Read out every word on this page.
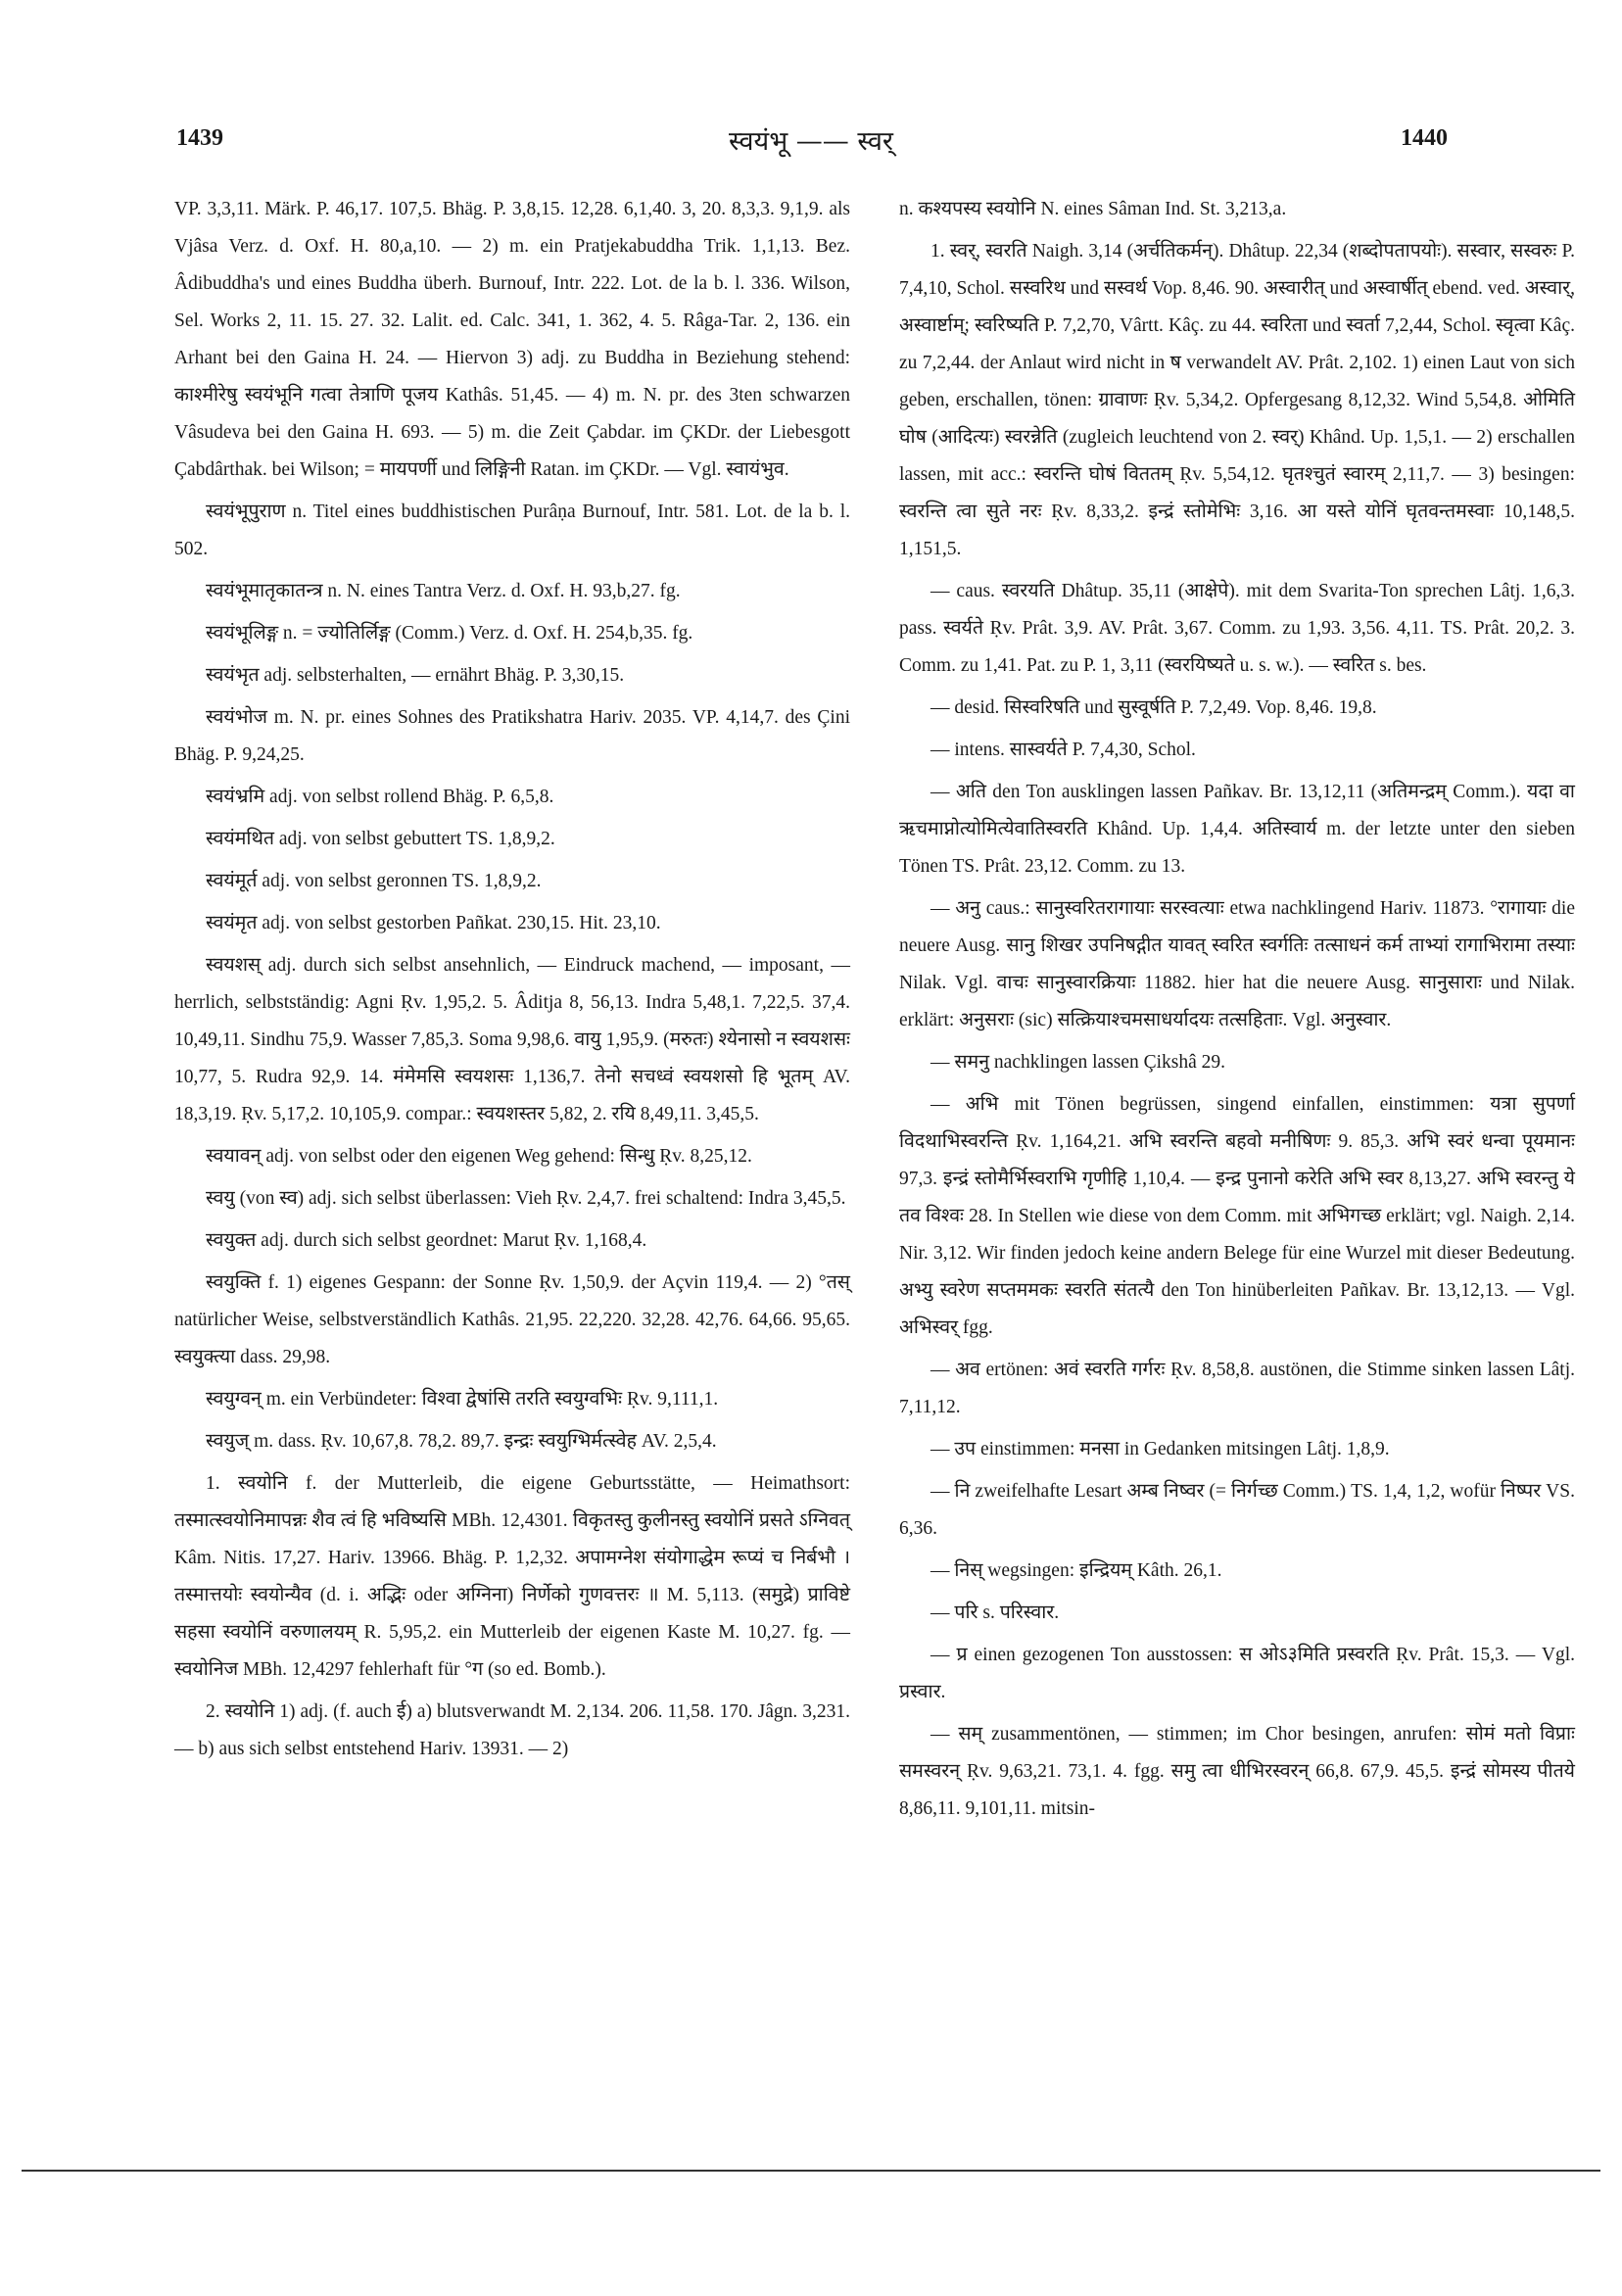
1439	स्वयंभू —— स्वर्	1440

VP. 3,3,11. Märk. P. 46,17. 107,5. Bhäg. P. 3,8,15. 12,28. 6,1,40. 3, 20. 8,3,3. 9,1,9. als Vjâsa Verz. d. Oxf. H. 80,a,10. — 2) m. ein Pratjekabuddha Trik. 1,1,13. Bez. Âdibuddha's und eines Buddha überh. Burnouf, Intr. 222. Lot. de la b. l. 336. Wilson, Sel. Works 2, 11. 15. 27. 32. Lalit. ed. Calc. 341, 1. 362, 4. 5. Râga-Tar. 2, 136. ein Arhant bei den Gaina H. 24. — Hiervon 3) adj. zu Buddha in Beziehung stehend: काश्मीरेषु स्वयंभूनि गत्वा तेत्राणि पूजय Kathâs. 51,45. — 4) m. N. pr. des 3ten schwarzen Vâsudeva bei den Gaina H. 693. — 5) m. die Zeit Çabdar. im ÇKDr. der Liebesgott Çabdârthak. bei Wilson; = मायपर्णी und लिङ्गिनी Ratan. im ÇKDr. — Vgl. स्वायंभुव.

स्वयंभूपुराण n. Titel eines buddhistischen Purâṇa Burnouf, Intr. 581. Lot. de la b. l. 502.

स्वयंभूमातृकातन्त्र n. N. eines Tantra Verz. d. Oxf. H. 93,b,27. fg.

स्वयंभूलिङ्ग n. = ज्योतिर्लिङ्ग (Comm.) Verz. d. Oxf. H. 254,b,35. fg.

स्वयंभृत adj. selbsterhalten, — ernährt Bhäg. P. 3,30,15.

स्वयंभोज m. N. pr. eines Sohnes des Pratikshatra Hariv. 2035. VP. 4,14,7. des Çini Bhäg. P. 9,24,25.

स्वयंभ्रमि adj. von selbst rollend Bhäg. P. 6,5,8.

स्वयंमथित adj. von selbst gebuttert TS. 1,8,9,2.

स्वयंमूर्त adj. von selbst geronnen TS. 1,8,9,2.

स्वयंमृत adj. von selbst gestorben Pañkat. 230,15. Hit. 23,10.

स्वयशस् adj. durch sich selbst ansehnlich, — Eindruck machend, — imposant, — herrlich, selbstständig: Agni Ṛv. 1,95,2. 5. Âditja 8, 56,13. Indra 5,48,1. 7,22,5. 37,4. 10,49,11. Sindhu 75,9. Wasser 7,85,3. Soma 9,98,6. वायु 1,95,9. (मरुतः) श्येनासो न स्वयशसः 10,77, 5. Rudra 92,9. 14. मंमेमसि स्वयशसः 1,136,7. तेनो सचध्वं स्वयशसो हि भूतम् AV. 18,3,19. Ṛv. 5,17,2. 10,105,9. compar.: स्वयशस्तर 5,82, 2. रयि 8,49,11. 3,45,5.

स्वयावन् adj. von selbst oder den eigenen Weg gehend: सिन्धु Ṛv. 8,25,12.

स्वयु (von स्व) adj. sich selbst überlassen: Vieh Ṛv. 2,4,7. frei schaltend: Indra 3,45,5.

स्वयुक्त adj. durch sich selbst geordnet: Marut Ṛv. 1,168,4.

स्वयुक्ति f. 1) eigenes Gespann: der Sonne Ṛv. 1,50,9. der Açvin 119,4. — 2) °तस् natürlicher Weise, selbstverständlich Kathâs. 21,95. 22,220. 32,28. 42,76. 64,66. 95,65. स्वयुक्त्या dass. 29,98.

स्वयुग्वन् m. ein Verbündeter: विश्वा द्वेषांसि तरति स्वयुग्वभिः Ṛv. 9,111,1.

स्वयुज् m. dass. Ṛv. 10,67,8. 78,2. 89,7. इन्द्रः स्वयुग्भिर्मत्स्वेह AV. 2,5,4.

1. स्वयोनि f. der Mutterleib, die eigene Geburtsstätte, — Heimathsort: तस्मात्स्वयोनिमापन्नः शैव त्वं हि भविष्यसि MBh. 12,4301. विकृतस्तु कुलीनस्तु स्वयोनिं प्रसते ऽग्निवत् Kâm. Nitis. 17,27. Hariv. 13966. Bhäg. P. 1,2,32. अपामग्नेश संयोगाद्धेम रूप्यं च निर्बभौ । तस्मात्तयोः स्वयोन्यैव (d. i. अद्भिः oder अग्निना) निर्णेको गुणवत्तरः ॥ M. 5,113. (समुद्रे) प्राविष्टे सहसा स्वयोनिं वरुणालयम् R. 5,95,2. ein Mutterleib der eigenen Kaste M. 10,27. fg. — स्वयोनिज MBh. 12,4297 fehlerhaft für °ग (so ed. Bomb.).

2. स्वयोनि 1) adj. (f. auch ई) a) blutsverwandt M. 2,134. 206. 11,58. 170. Jâgn. 3,231. — b) aus sich selbst entstehend Hariv. 13931. — 2)

n. कश्यपस्य स्वयोनि N. eines Sâman Ind. St. 3,213,a.

1. स्वर्, स्वरति Naigh. 3,14 (अर्चतिकर्मन्). Dhâtup. 22,34 (शब्दोपतापयोः). सस्वार, सस्वरुः P. 7,4,10, Schol. सस्वरिथ und सस्वर्थ Vop. 8,46. 90. अस्वारीत् und अस्वार्षीत् ebend. ved. अस्वार्, अस्वार्ष्टाम्; स्वरिष्यति P. 7,2,70, Vârtt. Kâç. zu 44. स्वरिता und स्वर्ता 7,2,44, Schol. स्वृत्वा Kâç. zu 7,2,44. der Anlaut wird nicht in ष verwandelt AV. Prât. 2,102. 1) einen Laut von sich geben, erschallen, tönen: ग्रावाणः Ṛv. 5,34,2. Opfergesang 8,12,32. Wind 5,54,8. ओमिति घोष (आदित्यः) स्वरन्नेति (zugleich leuchtend von 2. स्वर्) Khând. Up. 1,5,1. — 2) erschallen lassen, mit acc.: स्वरन्ति घोषं विततम् Ṛv. 5,54,12. घृतश्चुतं स्वारम् 2,11,7. — 3) besingen: स्वरन्ति त्वा सुते नरः Ṛv. 8,33,2. इन्द्रं स्तोमेभिः 3,16. आ यस्ते योनिं घृतवन्तमस्वाः 10,148,5. 1,151,5.

— caus. स्वरयति Dhâtup. 35,11 (आक्षेपे). mit dem Svarita-Ton sprechen Lâtj. 1,6,3. pass. स्वर्यते Ṛv. Prât. 3,9. AV. Prât. 3,67. Comm. zu 1,93. 3,56. 4,11. TS. Prât. 20,2. 3. Comm. zu 1,41. Pat. zu P. 1, 3,11 (स्वरयिष्यते u. s. w.). — स्वरित s. bes.

— desid. सिस्वरिषति und सुस्वूर्षति P. 7,2,49. Vop. 8,46. 19,8.

— intens. सास्वर्यते P. 7,4,30, Schol.

— अति den Ton ausklingen lassen Pañkav. Br. 13,12,11 (अतिमन्द्रम् Comm.). यदा वा ऋचमाप्नोत्योमित्येवातिस्वरति Khând. Up. 1,4,4. अतिस्वार्य m. der letzte unter den sieben Tönen TS. Prât. 23,12. Comm. zu 13.

— अनु caus.: सानुस्वरितरागायाः सरस्वत्याः etwa nachklingend Hariv. 11873. °रागायाः die neuere Ausg. सानु शिखर उपनिषद्गीत यावत् स्वरित स्वर्गतिः तत्साधनं कर्म ताभ्यां रागाभिरामा तस्याः Nilak. Vgl. वाचः सानुस्वारक्रियाः 11882. hier hat die neuere Ausg. सानुसाराः und Nilak. erklärt: अनुसराः (sic) सत्क्रियाश्चमसाधर्यादयः तत्सहिताः. Vgl. अनुस्वार.

— समनु nachklingen lassen Çikshâ 29.

— अभि mit Tönen begrüssen, singend einfallen, einstimmen: यत्रा सुपर्णा विदथाभिस्वरन्ति Ṛv. 1,164,21. अभि स्वरन्ति बहवो मनीषिणः 9. 85,3. अभि स्वरं धन्वा पूयमानः 97,3. इन्द्रं स्तोमैर्भिस्वराभि गृणीहि 1,10,4. — इन्द्र पुनानो करेति अभि स्वर 8,13,27. अभि स्वरन्तु ये तव विश्वः 28. In Stellen wie diese von dem Comm. mit अभिगच्छ erklärt; vgl. Naigh. 2,14. Nir. 3,12. Wir finden jedoch keine andern Belege für eine Wurzel mit dieser Bedeutung. अभ्यु स्वरेण सप्तममकः स्वरति संतत्यै den Ton hinüberleiten Pañkav. Br. 13,12,13. — Vgl. अभिस्वर् fgg.

— अव ertönen: अवं स्वरति गर्गरः Ṛv. 8,58,8. austönen, die Stimme sinken lassen Lâtj. 7,11,12.

— उप einstimmen: मनसा in Gedanken mitsingen Lâtj. 1,8,9.

— नि zweifelhafte Lesart अम्ब निष्वर (= निर्गच्छ Comm.) TS. 1,4, 1,2, wofür निष्पर VS. 6,36.

— निस् wegsingen: इन्द्रियम् Kâth. 26,1.

— परि s. परिस्वार.

— प्र einen gezogenen Ton ausstossen: स ओऽ३मिति प्रस्वरति Ṛv. Prât. 15,3. — Vgl. प्रस्वार.

— सम् zusammentönen, — stimmen; im Chor besingen, anrufen: सोमं मतो विप्राः समस्वरन् Ṛv. 9,63,21. 73,1. 4. fgg. समु त्वा धीभिरस्वरन् 66,8. 67,9. 45,5. इन्द्रं सोमस्य पीतये 8,86,11. 9,101,11. mitsin-
